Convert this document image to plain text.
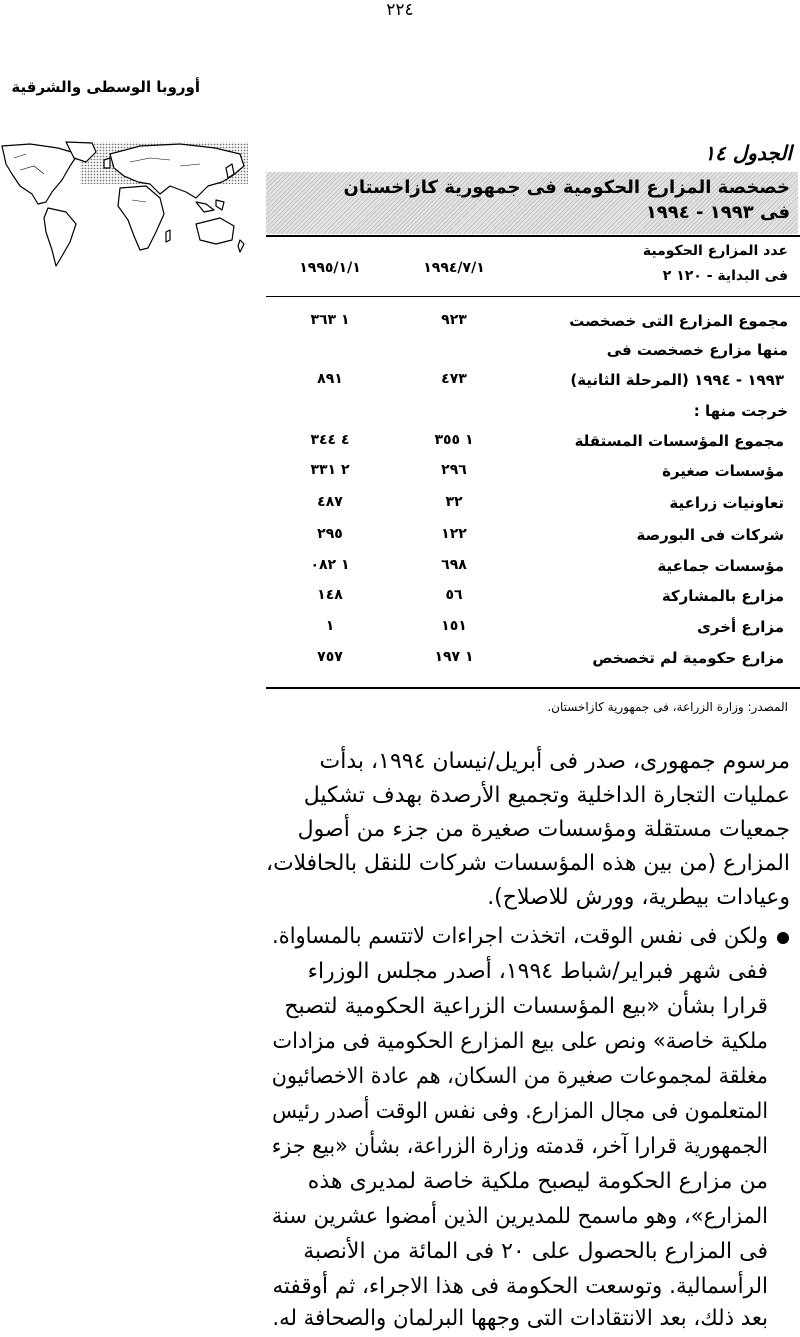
٢٢٤
أوروبا الوسطى والشرقية
الجدول ١٤
خصخصة المزارع الحكومية فى جمهورية كازاخستان
فى ١٩٩٣ - ١٩٩٤
عدد المزارع الحكومية
فى البداية - ١٢٠ ٢
١٩٩٤/٧/١
١٩٩٥/١/١
مجموع المزارع التى خصخصت
٩٢٣
١ ٣٦٣
منها مزارع خصخصت فى
١٩٩٣ - ١٩٩٤ (المرحلة الثانية)
٤٧٣
٨٩١
خرجت منها :
مجموع المؤسسات المستقلة
١ ٣٥٥
٤ ٣٤٤
مؤسسات صغيرة
٢٩٦
٢ ٣٣١
تعاونيات زراعية
٣٢
٤٨٧
شركات فى البورصة
١٢٢
٢٩٥
مؤسسات جماعية
٦٩٨
١ ٠٨٢
مزارع بالمشاركة
٥٦
١٤٨
مزارع أخرى
١٥١
١
مزارع حكومية لم تخصخص
١ ١٩٧
٧٥٧
المصدر: وزارة الزراعة، فى جمهورية كازاخستان.
مرسوم جمهورى، صدر فى أبريل/نيسان ١٩٩٤، بدأت
عمليات التجارة الداخلية وتجميع الأرصدة بهدف تشكيل
جمعيات مستقلة ومؤسسات صغيرة من جزء من أصول
المزارع (من بين هذه المؤسسات شركات للنقل بالحافلات،
وعيادات بيطرية، وورش للاصلاح).
ولكن فى نفس الوقت، اتخذت اجراءات لاتتسم بالمساواة.
ففى شهر فبراير/شباط ١٩٩٤، أصدر مجلس الوزراء
قرارا بشأن «بيع المؤسسات الزراعية الحكومية لتصبح
ملكية خاصة» ونص على بيع المزارع الحكومية فى مزادات
مغلقة لمجموعات صغيرة من السكان، هم عادة الاخصائيون
المتعلمون فى مجال المزارع. وفى نفس الوقت أصدر رئيس
الجمهورية قرارا آخر، قدمته وزارة الزراعة، بشأن «بيع جزء
من مزارع الحكومة ليصبح ملكية خاصة لمديرى هذه
المزارع»، وهو ماسمح للمديرين الذين أمضوا عشرين سنة
فى المزارع بالحصول على ٢٠ فى المائة من الأنصبة
الرأسمالية. وتوسعت الحكومة فى هذا الاجراء، ثم أوقفته
بعد ذلك، بعد الانتقادات التى وجهها البرلمان والصحافة له.
